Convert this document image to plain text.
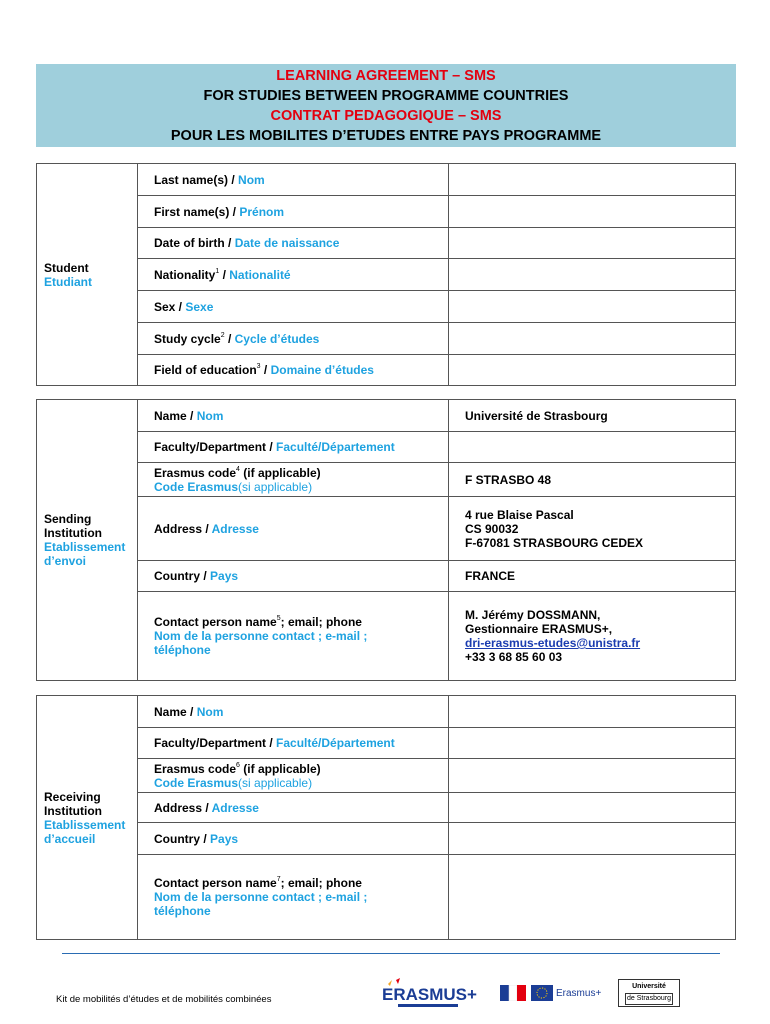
LEARNING AGREEMENT – SMS
FOR STUDIES BETWEEN PROGRAMME COUNTRIES
CONTRAT PEDAGOGIQUE – SMS
POUR LES MOBILITES D’ETUDES ENTRE PAYS PROGRAMME
Student
Etudiant	Last name(s) / Nom	
	First name(s) / Prénom	
	Date of birth / Date de naissance	
	Nationality$^1$ / Nationalité	
	Sex / Sexe	
	Study cycle$^2$ / Cycle d’études	
	Field of education$^3$ / Domaine d’études	
Sending
Institution
Etablissement
d’envoi	Name / Nom	Université de Strasbourg
	Faculty/Department / Faculté/Département	
	Erasmus code$^4$ (if applicable)
Code Erasmus(si applicable)	F STRASBO 48
	Address / Adresse	4 rue Blaise Pascal
CS 90032
F-67081 STRASBOURG CEDEX
	Country / Pays	FRANCE
	Contact person name$^5$; email; phone
Nom de la personne contact ; e-mail ;
téléphone	M. Jérémy DOSSMANN,
Gestionnaire ERASMUS+,
dri-erasmus-etudes@unistra.fr
+33 3 68 85 60 03
Receiving
Institution
Etablissement
d’accueil	Name / Nom	
	Faculty/Department / Faculté/Département	
	Erasmus code$^6$ (if applicable)
Code Erasmus(si applicable)	
	Address / Adresse	
	Country / Pays	
	Contact person name$^7$; email; phone
Nom de la personne contact ; e-mail ;
téléphone	
Kit de mobilités d’études et de mobilités combinées	ERASMUS+	Erasmus+
Université
de Strasbourg
